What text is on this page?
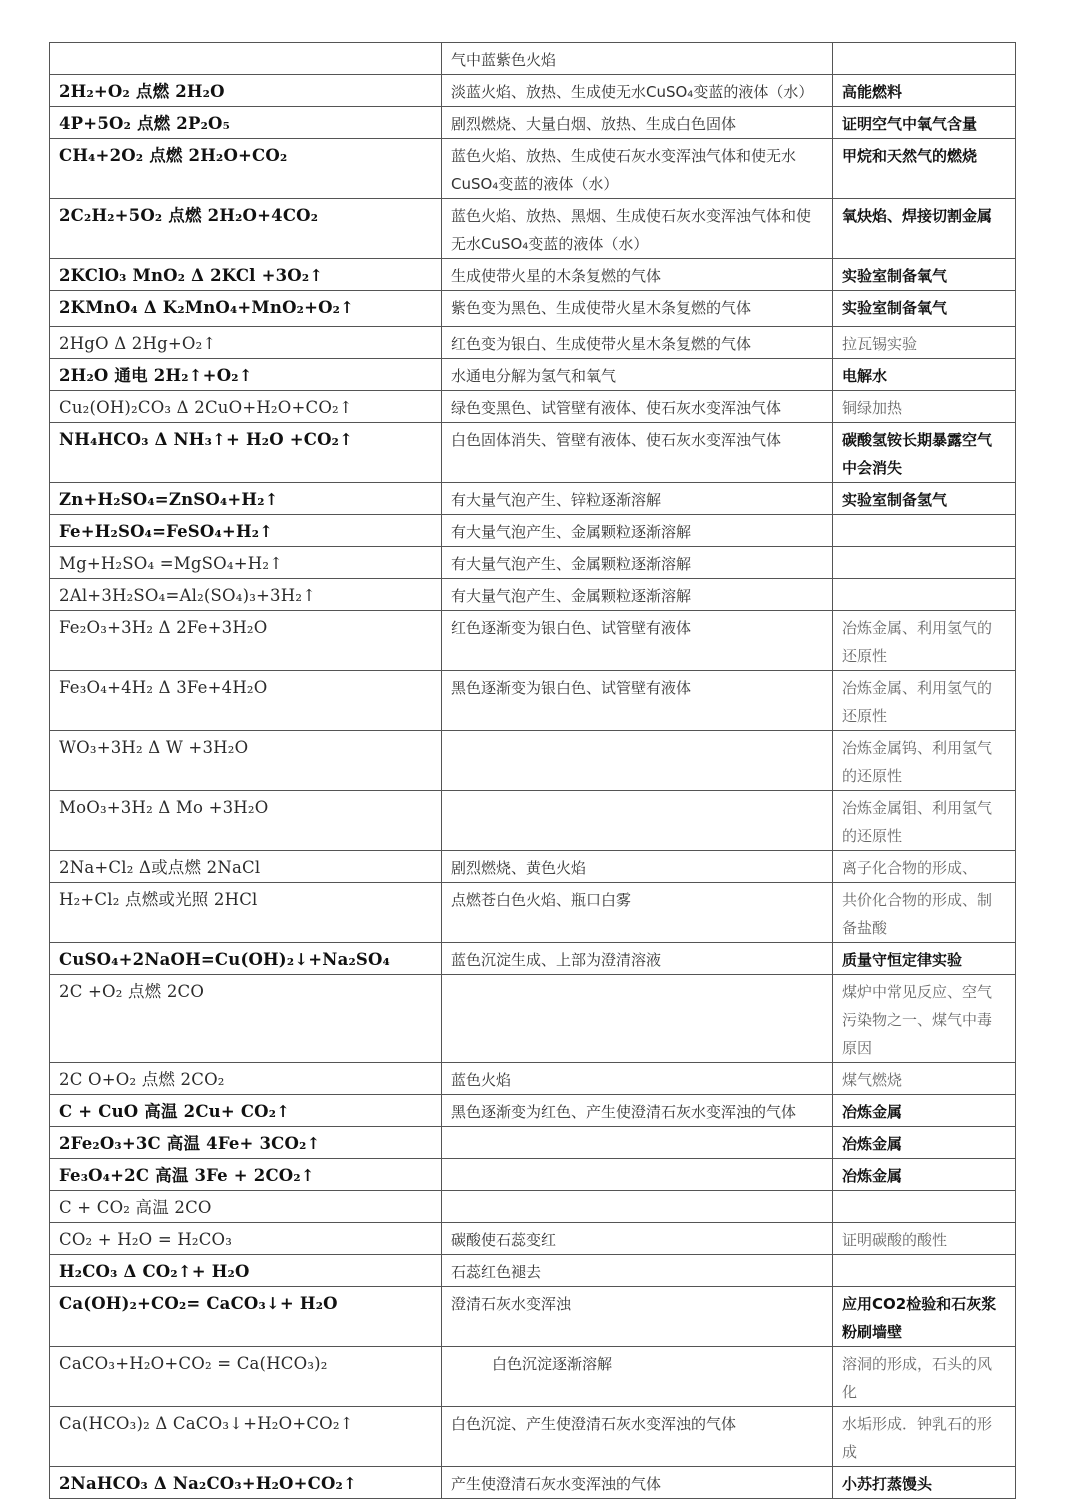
	气中蓝紫色火焰	
2H₂+O₂ 点燃 2H₂O	淡蓝火焰、放热、生成使无水CuSO₄变蓝的液体（水）	高能燃料
4P+5O₂ 点燃 2P₂O₅	剧烈燃烧、大量白烟、放热、生成白色固体	证明空气中氧气含量
CH₄+2O₂ 点燃 2H₂O+CO₂	蓝色火焰、放热、生成使石灰水变浑浊气体和使无水CuSO₄变蓝的液体（水）	甲烷和天然气的燃烧
2C₂H₂+5O₂ 点燃 2H₂O+4CO₂	蓝色火焰、放热、黑烟、生成使石灰水变浑浊气体和使无水CuSO₄变蓝的液体（水）	氧炔焰、焊接切割金属
2KClO₃ MnO₂ Δ 2KCl +3O₂↑	生成使带火星的木条复燃的气体	实验室制备氧气
2KMnO₄ Δ K₂MnO₄+MnO₂+O₂↑	紫色变为黑色、生成使带火星木条复燃的气体	实验室制备氧气
2HgO Δ 2Hg+O₂↑	红色变为银白、生成使带火星木条复燃的气体	拉瓦锡实验
2H₂O 通电 2H₂↑+O₂↑	水通电分解为氢气和氧气	电解水
Cu₂(OH)₂CO₃ Δ 2CuO+H₂O+CO₂↑	绿色变黑色、试管壁有液体、使石灰水变浑浊气体	铜绿加热
NH₄HCO₃ Δ NH₃↑+ H₂O +CO₂↑	白色固体消失、管壁有液体、使石灰水变浑浊气体	碳酸氢铵长期暴露空气中会消失
Zn+H₂SO₄=ZnSO₄+H₂↑	有大量气泡产生、锌粒逐渐溶解	实验室制备氢气
Fe+H₂SO₄=FeSO₄+H₂↑	有大量气泡产生、金属颗粒逐渐溶解	
Mg+H₂SO₄ =MgSO₄+H₂↑	有大量气泡产生、金属颗粒逐渐溶解	
2Al+3H₂SO₄=Al₂(SO₄)₃+3H₂↑	有大量气泡产生、金属颗粒逐渐溶解	
Fe₂O₃+3H₂ Δ 2Fe+3H₂O	红色逐渐变为银白色、试管壁有液体	冶炼金属、利用氢气的还原性
Fe₃O₄+4H₂ Δ 3Fe+4H₂O	黑色逐渐变为银白色、试管壁有液体	冶炼金属、利用氢气的还原性
WO₃+3H₂ Δ W +3H₂O		冶炼金属钨、利用氢气的还原性
MoO₃+3H₂ Δ Mo +3H₂O		冶炼金属钼、利用氢气的还原性
2Na+Cl₂ Δ或点燃 2NaCl	剧烈燃烧、黄色火焰	离子化合物的形成、
H₂+Cl₂ 点燃或光照 2HCl	点燃苍白色火焰、瓶口白雾	共价化合物的形成、制备盐酸
CuSO₄+2NaOH=Cu(OH)₂↓+Na₂SO₄	蓝色沉淀生成、上部为澄清溶液	质量守恒定律实验
2C +O₂ 点燃 2CO		煤炉中常见反应、空气污染物之一、煤气中毒原因
2C O+O₂ 点燃 2CO₂	蓝色火焰	煤气燃烧
C + CuO 高温 2Cu+ CO₂↑	黑色逐渐变为红色、产生使澄清石灰水变浑浊的气体	冶炼金属
2Fe₂O₃+3C 高温 4Fe+ 3CO₂↑		冶炼金属
Fe₃O₄+2C 高温 3Fe + 2CO₂↑		冶炼金属
C + CO₂ 高温 2CO		
CO₂ + H₂O = H₂CO₃	碳酸使石蕊变红	证明碳酸的酸性
H₂CO₃ Δ CO₂↑+ H₂O	石蕊红色褪去	
Ca(OH)₂+CO₂= CaCO₃↓+ H₂O	澄清石灰水变浑浊	应用CO2检验和石灰浆粉刷墙壁
CaCO₃+H₂O+CO₂ = Ca(HCO₃)₂	白色沉淀逐渐溶解	溶洞的形成，石头的风化
Ca(HCO₃)₂ Δ CaCO₃↓+H₂O+CO₂↑	白色沉淀、产生使澄清石灰水变浑浊的气体	水垢形成．钟乳石的形成
2NaHCO₃ Δ Na₂CO₃+H₂O+CO₂↑	产生使澄清石灰水变浑浊的气体	小苏打蒸馒头
